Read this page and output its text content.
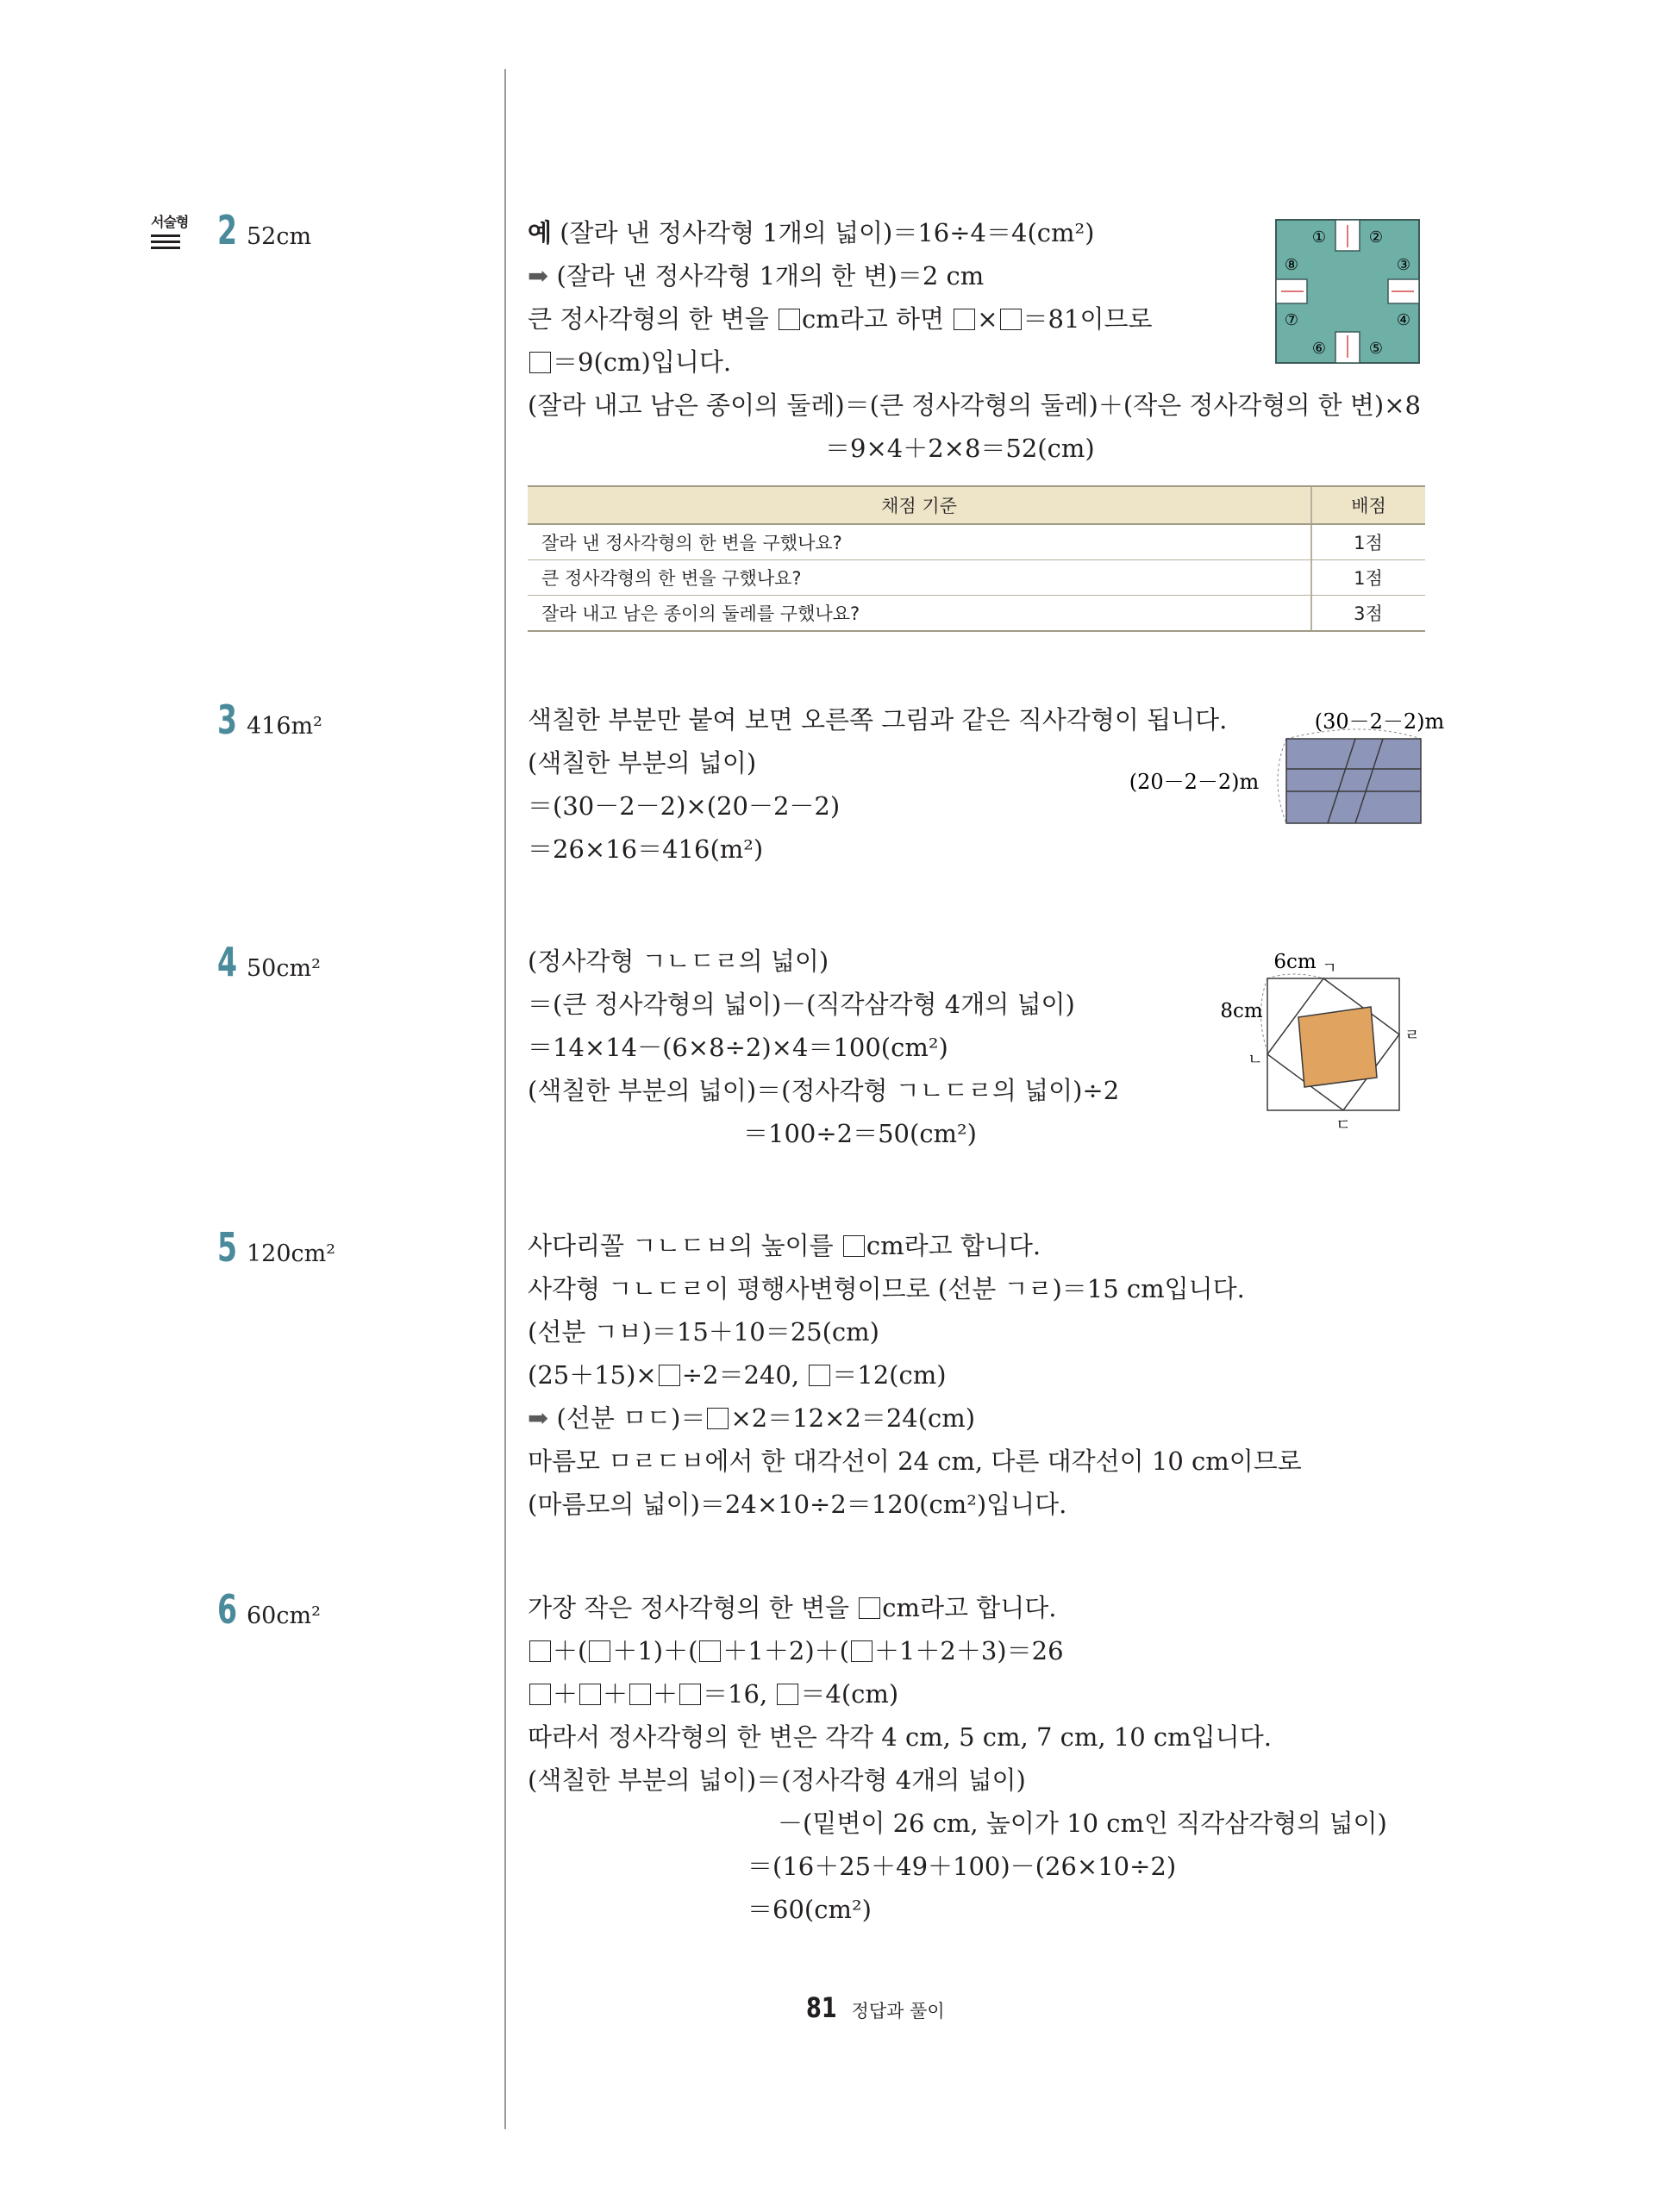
서술형 2 52cm
3 416m²
4 50cm²
5 120cm²
6 60cm²
예 (잘라 낸 정사각형 1개의 넓이)＝16÷4＝4(cm²)
➡ (잘라 낸 정사각형 1개의 한 변)＝2 cm
큰 정사각형의 한 변을 cm라고 하면 × ＝81이므로
＝9(cm)입니다.
(잘라 내고 남은 종이의 둘레)＝(큰 정사각형의 둘레)＋(작은 정사각형의 한 변)×8
＝9×4＋2×8＝52(cm)
①	②
③
④
⑤
⑥
⑦
⑧
채점 기준	배점
잘라 낸 정사각형의 한 변을 구했나요?	1점
큰 정사각형의 한 변을 구했나요?	1점
잘라 내고 남은 종이의 둘레를 구했나요?	3점
색칠한 부분만 붙여 보면 오른쪽 그림과 같은 직사각형이 됩니다.
(색칠한 부분의 넓이)
＝(30－2－2)×(20－2－2)
＝26×16＝416(m²)
(30－2－2)m
(20－2－2)m
(정사각형 ㄱㄴㄷㄹ의 넓이)
＝(큰 정사각형의 넓이)－(직각삼각형 4개의 넓이)
＝14×14－(6×8÷2)×4＝100(cm²)
(색칠한 부분의 넓이)＝(정사각형 ㄱㄴㄷㄹ의 넓이)÷2
＝100÷2＝50(cm²)
6cm
8cm
ㄱ
ㄴ
ㄷ
ㄹ
사다리꼴 ㄱㄴㄷㅂ의 높이를 cm라고 합니다.
사각형 ㄱㄴㄷㄹ이 평행사변형이므로 (선분 ㄱㄹ)＝15 cm입니다.
(선분 ㄱㅂ)＝15＋10＝25(cm)
(25＋15)× ÷2＝240, ＝12(cm)
➡ (선분 ㅁㄷ)＝ ×2＝12×2＝24(cm)
마름모 ㅁㄹㄷㅂ에서 한 대각선이 24 cm, 다른 대각선이 10 cm이므로
(마름모의 넓이)＝24×10÷2＝120(cm²)입니다.
가장 작은 정사각형의 한 변을 cm라고 합니다.
＋( ＋1)＋( ＋1＋2)＋( ＋1＋2＋3)＝26
＋ ＋ ＋ ＝16, ＝4(cm)
따라서 정사각형의 한 변은 각각 4 cm, 5 cm, 7 cm, 10 cm입니다.
(색칠한 부분의 넓이)＝(정사각형 4개의 넓이)
－(밑변이 26 cm, 높이가 10 cm인 직각삼각형의 넓이)
＝(16＋25＋49＋100)－(26×10÷2)
＝60(cm²)
81 정답과 풀이
